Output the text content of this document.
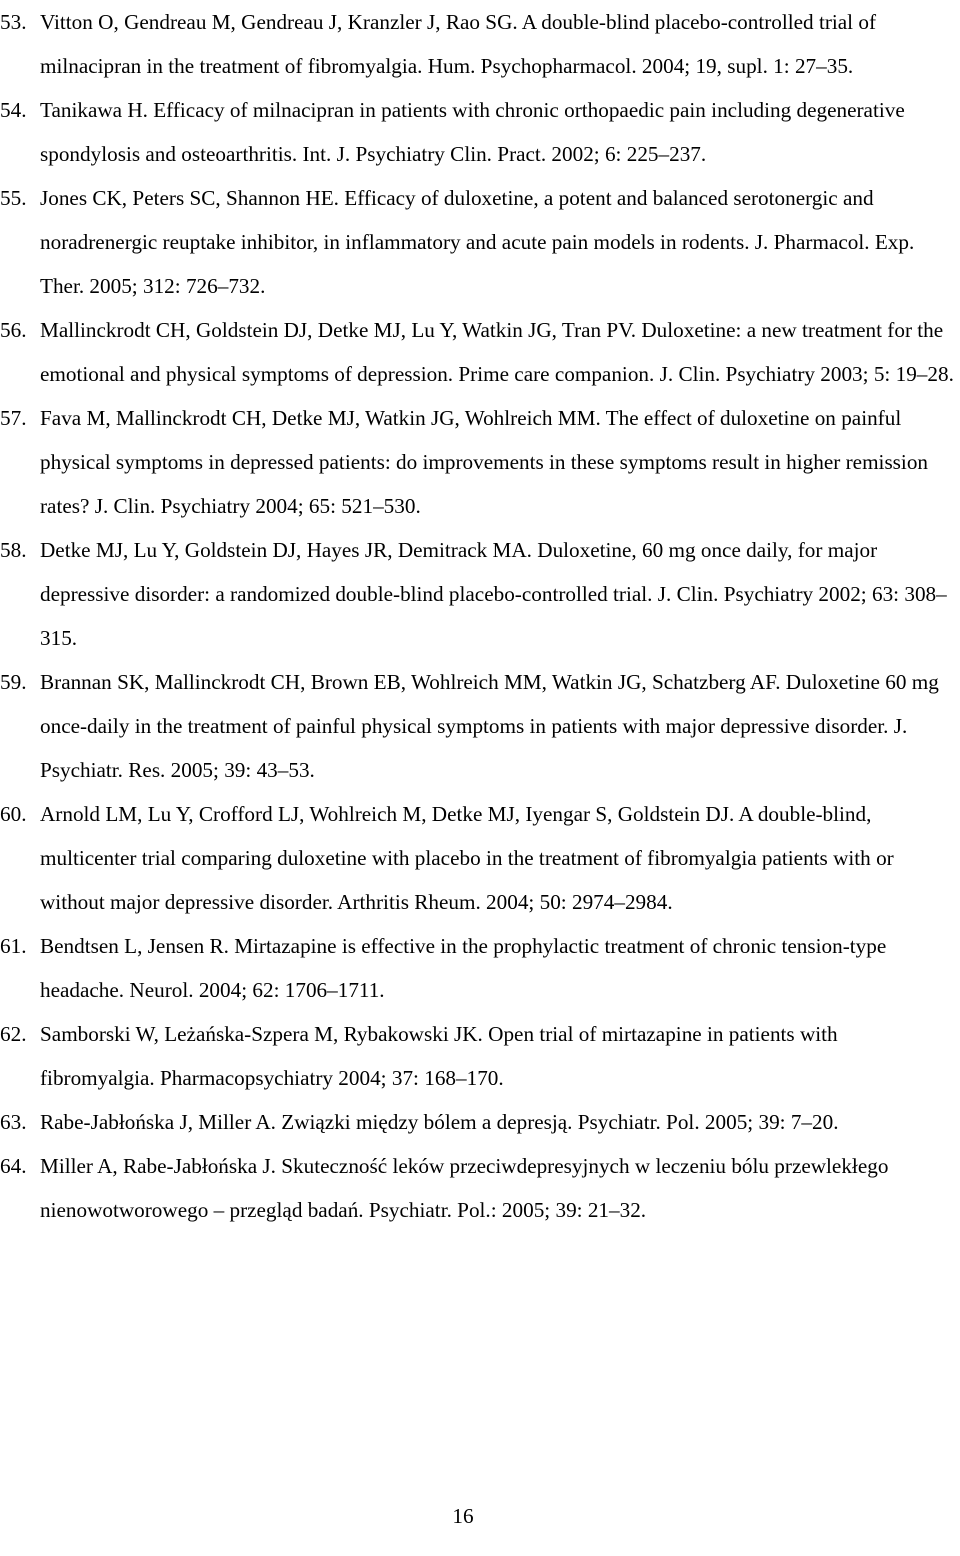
53. Vitton O, Gendreau M, Gendreau J, Kranzler J, Rao SG. A double-blind placebo-controlled trial of milnacipran in the treatment of fibromyalgia. Hum. Psychopharmacol. 2004; 19, supl. 1: 27–35.
54. Tanikawa H. Efficacy of milnacipran in patients with chronic orthopaedic pain including degenerative spondylosis and osteoarthritis. Int. J. Psychiatry Clin. Pract. 2002; 6: 225–237.
55. Jones CK, Peters SC, Shannon HE. Efficacy of duloxetine, a potent and balanced serotonergic and noradrenergic reuptake inhibitor, in inflammatory and acute pain models in rodents. J. Pharmacol. Exp. Ther. 2005; 312: 726–732.
56. Mallinckrodt CH, Goldstein DJ, Detke MJ, Lu Y, Watkin JG, Tran PV. Duloxetine: a new treatment for the emotional and physical symptoms of depression. Prime care companion. J. Clin. Psychiatry 2003; 5: 19–28.
57. Fava M, Mallinckrodt CH, Detke MJ, Watkin JG, Wohlreich MM. The effect of duloxetine on painful physical symptoms in depressed patients: do improvements in these symptoms result in higher remission rates? J. Clin. Psychiatry 2004; 65: 521–530.
58. Detke MJ, Lu Y, Goldstein DJ, Hayes JR, Demitrack MA. Duloxetine, 60 mg once daily, for major depressive disorder: a randomized double-blind placebo-controlled trial. J. Clin. Psychiatry 2002; 63: 308–315.
59. Brannan SK, Mallinckrodt CH, Brown EB, Wohlreich MM, Watkin JG, Schatzberg AF. Duloxetine 60 mg once-daily in the treatment of painful physical symptoms in patients with major depressive disorder. J. Psychiatr. Res. 2005; 39: 43–53.
60. Arnold LM, Lu Y, Crofford LJ, Wohlreich M, Detke MJ, Iyengar S, Goldstein DJ. A double-blind, multicenter trial comparing duloxetine with placebo in the treatment of fibromyalgia patients with or without major depressive disorder. Arthritis Rheum. 2004; 50: 2974–2984.
61. Bendtsen L, Jensen R. Mirtazapine is effective in the prophylactic treatment of chronic tension-type headache. Neurol. 2004; 62: 1706–1711.
62. Samborski W, Leżańska-Szpera M, Rybakowski JK. Open trial of mirtazapine in patients with fibromyalgia. Pharmacopsychiatry 2004; 37: 168–170.
63. Rabe-Jabłońska J, Miller A. Związki między bólem a depresją. Psychiatr. Pol. 2005; 39: 7–20.
64. Miller A, Rabe-Jabłońska J. Skuteczność leków przeciwdepresyjnych w leczeniu bólu przewlekłego nienowotworowego – przegląd badań. Psychiatr. Pol.: 2005; 39: 21–32.
16
